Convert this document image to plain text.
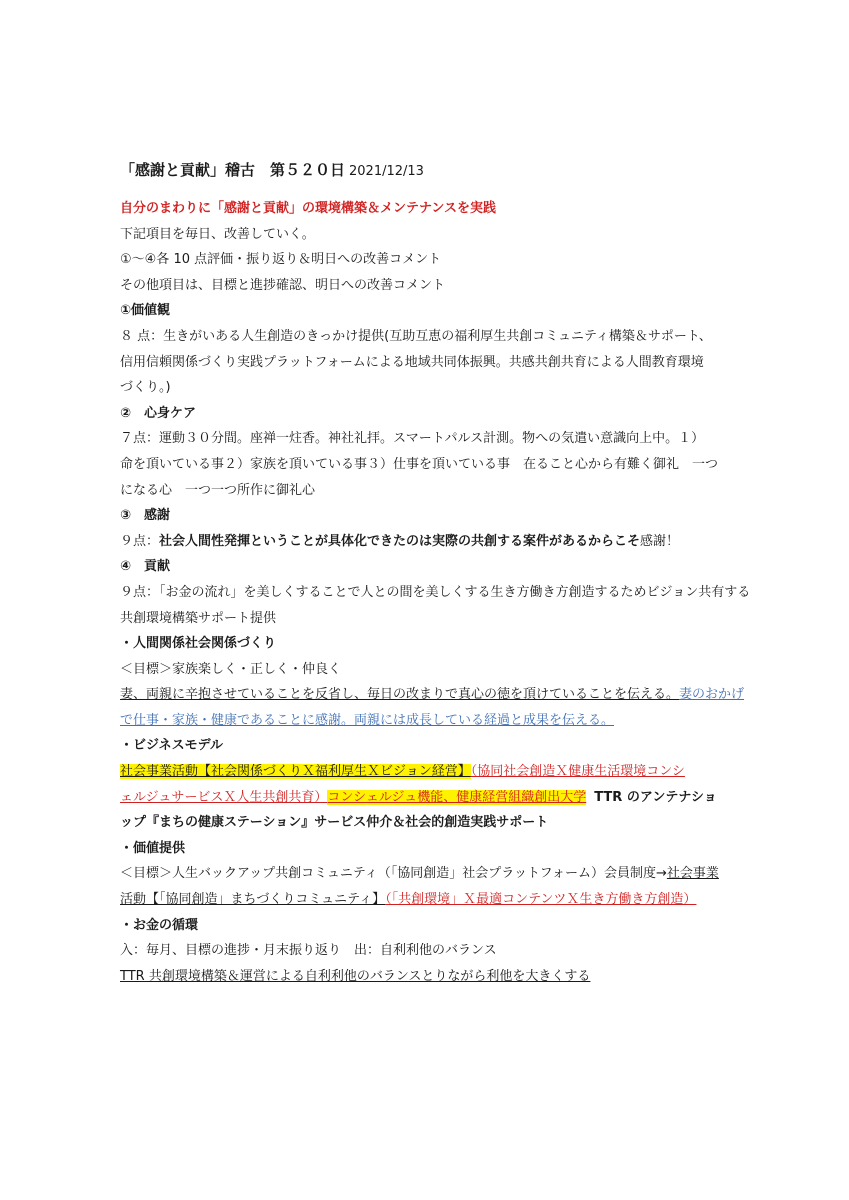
「感謝と貢献」稽古　第５２０日 2021/12/13
自分のまわりに「感謝と貢献」の環境構築＆メンテナンスを実践
下記項目を毎日、改善していく。
①～④各 10 点評価・振り返り＆明日への改善コメント
その他項目は、目標と進捗確認、明日への改善コメント
①価値観
８ 点：生きがいある人生創造のきっかけ提供(互助互恵の福利厚生共創コミュニティ構築＆サポート、
信用信頼関係づくり実践プラットフォームによる地域共同体振興。共感共創共育による人間教育環境
づくり。)
②　心身ケア
７点：運動３０分間。座禅一炷香。神社礼拝。スマートパルス計測。物への気遣い意識向上中。１）
命を頂いている事２）家族を頂いている事３）仕事を頂いている事　在ること心から有難く御礼　一つ
になる心　一つ一つ所作に御礼心
③　感謝
９点：社会人間性発揮ということが具体化できたのは実際の共創する案件があるからこそ感謝！
④　貢献
９点：「お金の流れ」を美しくすることで人との間を美しくする生き方働き方創造するためビジョン共有する
共創環境構築サポート提供
・人間関係社会関係づくり
＜目標＞家族楽しく・正しく・仲良く
妻、両親に辛抱させていることを反省し、毎日の改まりで真心の徳を頂けていることを伝える。妻のおかげ
で仕事・家族・健康であることに感謝。両親には成長している経過と成果を伝える。
・ビジネスモデル
社会事業活動【社会関係づくりＸ福利厚生Ｘビジョン経営】（協同社会創造Ｘ健康生活環境コンシ
ェルジュサービスＸ人生共創共育）コンシェルジュ機能、健康経営組織創出大学 TTR のアンテナショ
ップ『まちの健康ステーション』サービス仲介＆社会的創造実践サポート
・価値提供
＜目標＞人生バックアップ共創コミュニティ（「協同創造」社会プラットフォーム）会員制度→社会事業
活動【「協同創造」まちづくりコミュニティ】（「共創環境」Ｘ最適コンテンツＸ生き方働き方創造）
・お金の循環
入：毎月、目標の進捗・月末振り返り　出：自利利他のバランス
TTR 共創環境構築＆運営による自利利他のバランスとりながら利他を大きくする
